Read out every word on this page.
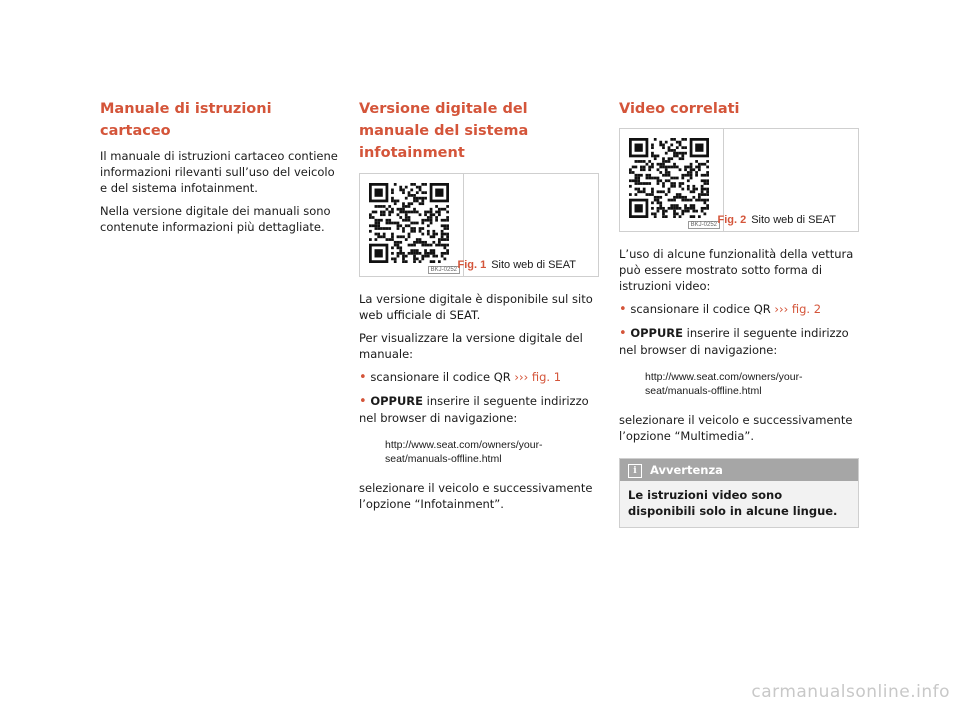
Manuale di istruzioni cartaceo

Il manuale di istruzioni cartaceo contiene informazioni rilevanti sull’uso del veicolo e del sistema infotainment.

Nella versione digitale dei manuali sono contenute informazioni più dettagliate.

Versione digitale del manuale del sistema infotainment
BKJ-0252 Fig. 1 Sito web di SEAT

La versione digitale è disponibile sul sito web ufficiale di SEAT.

Per visualizzare la versione digitale del manuale:

• scansionare il codice QR ››› fig. 1
• OPPURE inserire il seguente indirizzo nel browser di navigazione:
http://www.seat.com/owners/your-
seat/manuals-offline.html

selezionare il veicolo e successivamente l’opzione “Infotainment”.

Video correlati
BKJ-0252 Fig. 2 Sito web di SEAT

L’uso di alcune funzionalità della vettura può essere mostrato sotto forma di istruzioni video:

• scansionare il codice QR ››› fig. 2
• OPPURE inserire il seguente indirizzo nel browser di navigazione:
http://www.seat.com/owners/your-
seat/manuals-offline.html

selezionare il veicolo e successivamente l’opzione “Multimedia”.

i Avvertenza
Le istruzioni video sono disponibili solo in alcune lingue.
carmanualsonline.info
